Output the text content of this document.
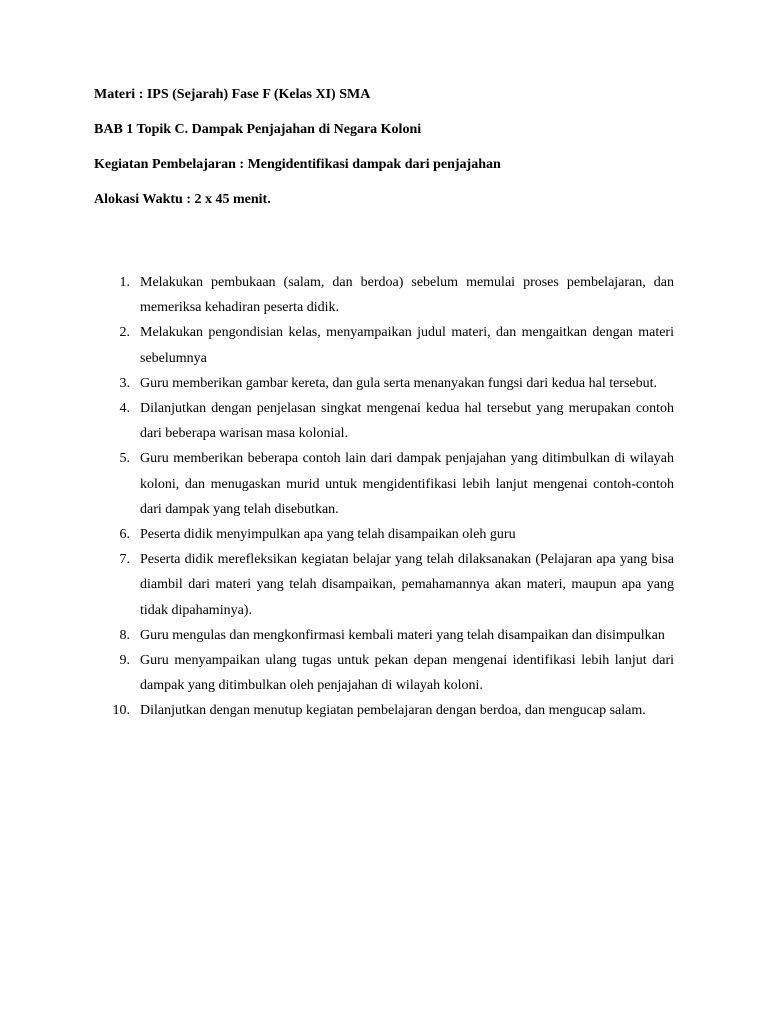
Materi : IPS (Sejarah) Fase F (Kelas XI) SMA

BAB 1 Topik C. Dampak Penjajahan di Negara Koloni

Kegiatan Pembelajaran : Mengidentifikasi dampak dari penjajahan

Alokasi Waktu : 2 x 45 menit.

1. Melakukan pembukaan (salam, dan berdoa) sebelum memulai proses pembelajaran, dan memeriksa kehadiran peserta didik.
2. Melakukan pengondisian kelas, menyampaikan judul materi, dan mengaitkan dengan materi sebelumnya
3. Guru memberikan gambar kereta, dan gula serta menanyakan fungsi dari kedua hal tersebut.
4. Dilanjutkan dengan penjelasan singkat mengenai kedua hal tersebut yang merupakan contoh dari beberapa warisan masa kolonial.
5. Guru memberikan beberapa contoh lain dari dampak penjajahan yang ditimbulkan di wilayah koloni, dan menugaskan murid untuk mengidentifikasi lebih lanjut mengenai contoh-contoh dari dampak yang telah disebutkan.
6. Peserta didik menyimpulkan apa yang telah disampaikan oleh guru
7. Peserta didik merefleksikan kegiatan belajar yang telah dilaksanakan (Pelajaran apa yang bisa diambil dari materi yang telah disampaikan, pemahamannya akan materi, maupun apa yang tidak dipahaminya).
8. Guru mengulas dan mengkonfirmasi kembali materi yang telah disampaikan dan disimpulkan
9. Guru menyampaikan ulang tugas untuk pekan depan mengenai identifikasi lebih lanjut dari dampak yang ditimbulkan oleh penjajahan di wilayah koloni.
10. Dilanjutkan dengan menutup kegiatan pembelajaran dengan berdoa, dan mengucap salam.
